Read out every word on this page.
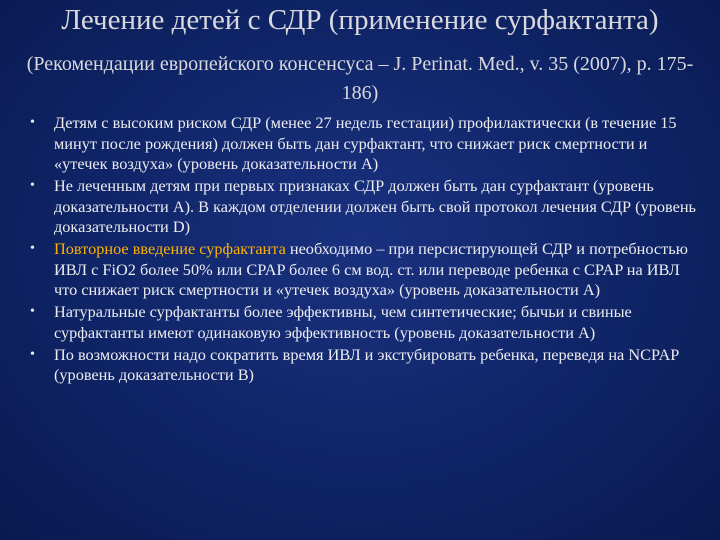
Лечение детей с СДР (применение сурфактанта)
(Рекомендации европейского консенсуса – J. Perinat. Med., v. 35 (2007), p. 175-186)
• Детям с высоким риском СДР (менее 27 недель гестации) профилактически (в течение 15 минут после рождения) должен быть дан сурфактант, что снижает риск смертности и «утечек воздуха» (уровень доказательности А)
• Не леченным детям при первых признаках СДР должен быть дан сурфактант (уровень доказательности А). В каждом отделении должен быть свой протокол лечения СДР (уровень доказательности D)
• Повторное введение сурфактанта необходимо – при персистирующей СДР и потребностью ИВЛ с FiO2 более 50% или CPAP более 6 см вод. ст. или переводе ребенка с CPAP на ИВЛ что снижает риск смертности и «утечек воздуха» (уровень доказательности А)
• Натуральные сурфактанты более эффективны, чем синтетические; бычьи и свиные сурфактанты имеют одинаковую эффективность (уровень доказательности А)
• По возможности надо сократить время ИВЛ и экстубировать ребенка, переведя на NCPAP (уровень доказательности В)
